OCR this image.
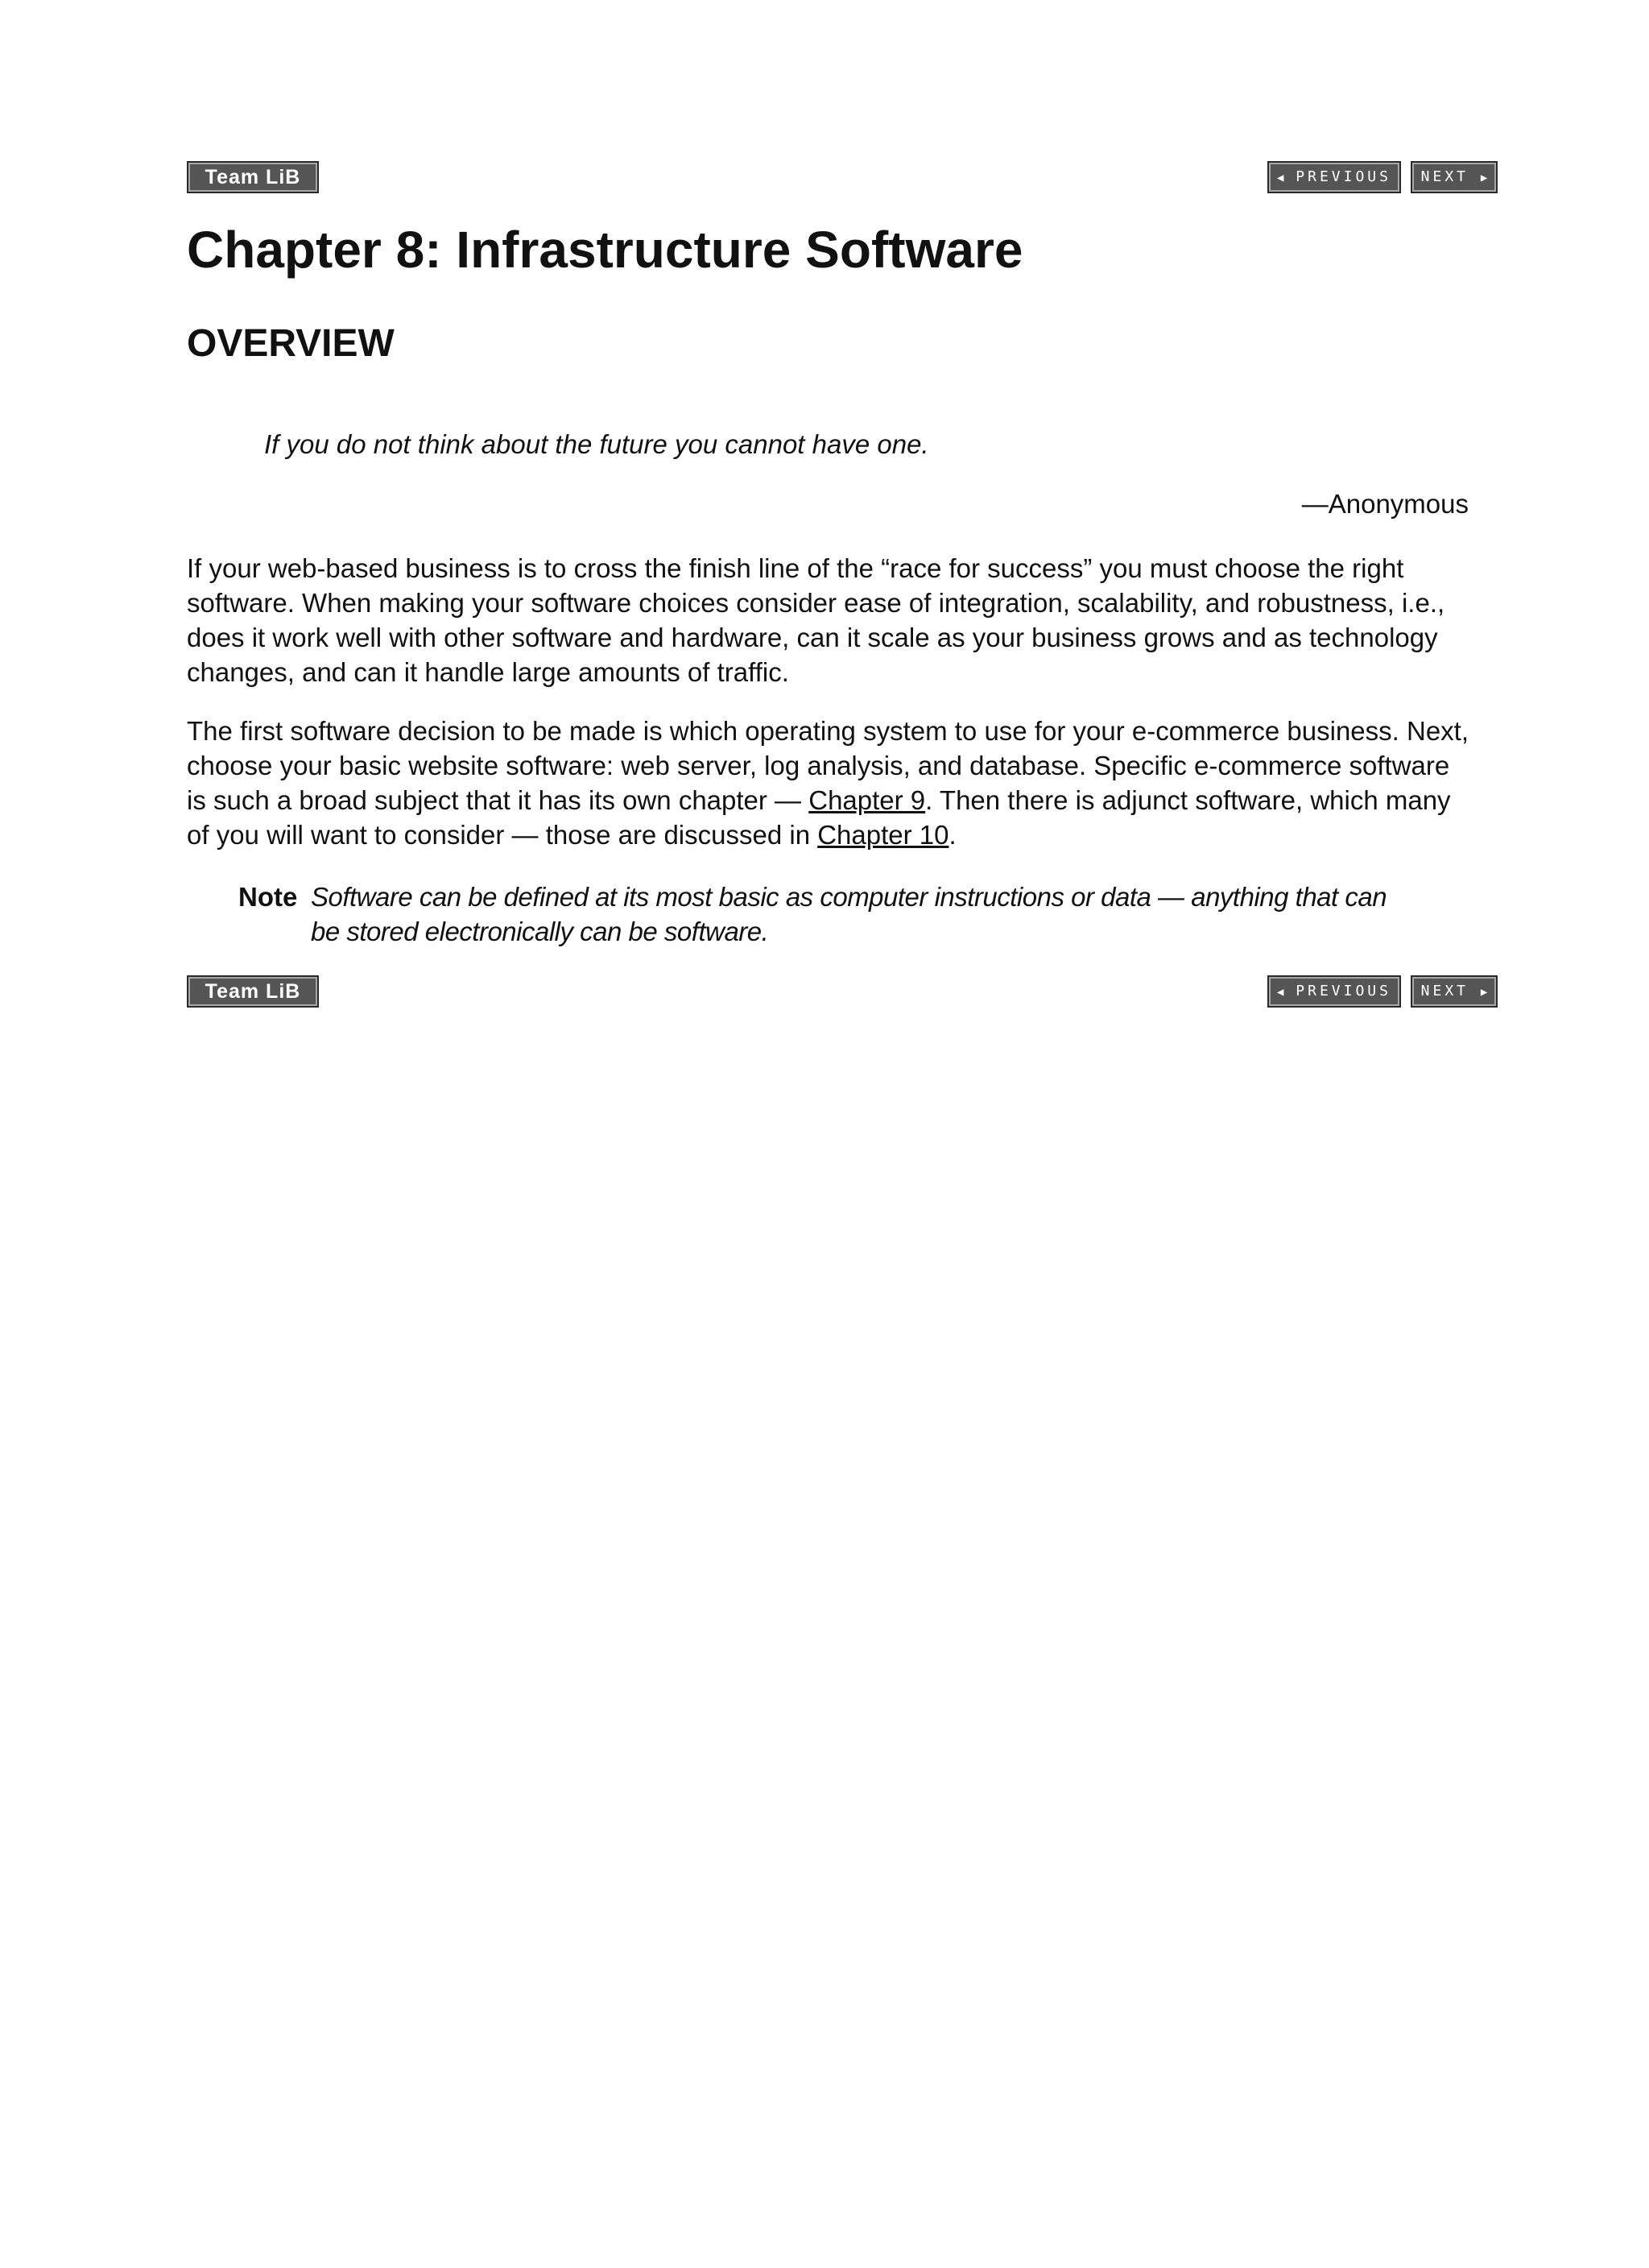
Team LiB	◀ PREVIOUS	NEXT ▶
Chapter 8: Infrastructure Software
OVERVIEW

If you do not think about the future you cannot have one.

—Anonymous

If your web-based business is to cross the finish line of the “race for success” you must choose the right software. When making your software choices consider ease of integration, scalability, and robustness, i.e., does it work well with other software and hardware, can it scale as your business grows and as technology changes, and can it handle large amounts of traffic.

The first software decision to be made is which operating system to use for your e-commerce business. Next, choose your basic website software: web server, log analysis, and database. Specific e-commerce software is such a broad subject that it has its own chapter — Chapter 9. Then there is adjunct software, which many of you will want to consider — those are discussed in Chapter 10.

Note Software can be defined at its most basic as computer instructions or data — anything that can be stored electronically can be software.

Team LiB	◀ PREVIOUS	NEXT ▶
